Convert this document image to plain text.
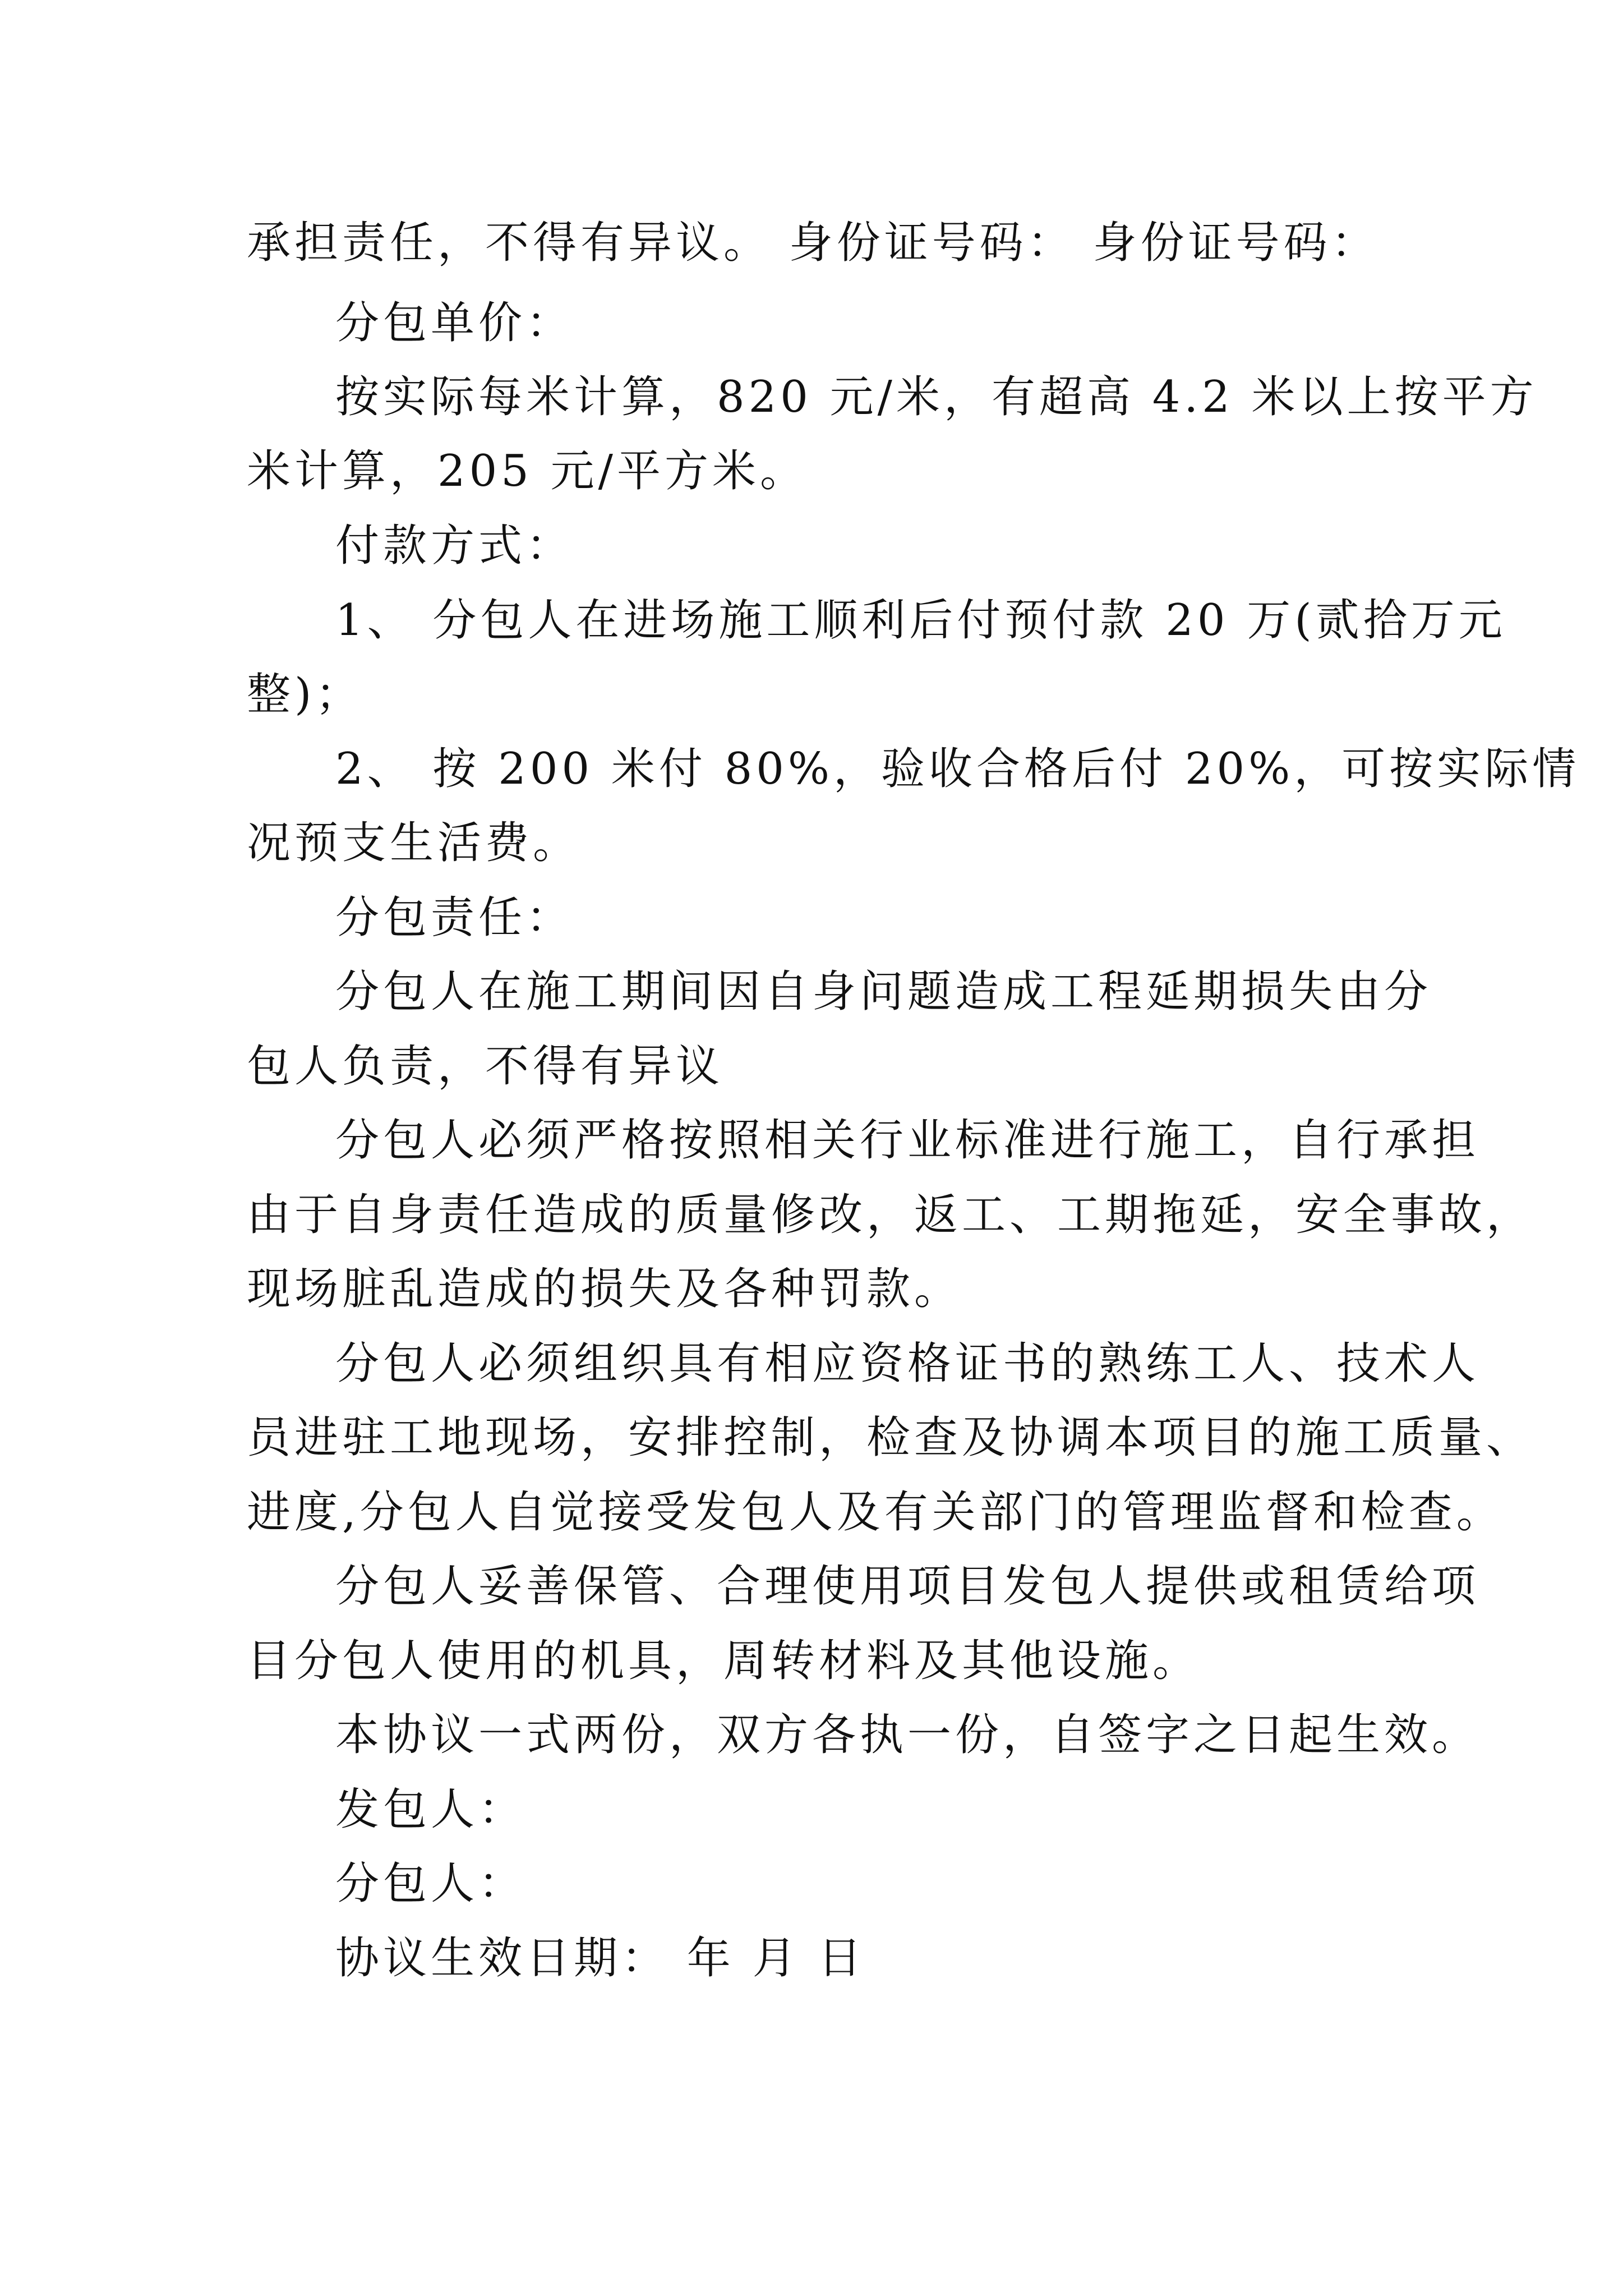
承担责任，不得有异议。 身份证号码： 身份证号码：
分包单价：
按实际每米计算，820 元/米，有超高 4.2 米以上按平方
米计算，205 元/平方米。
付款方式：
1、 分包人在进场施工顺利后付预付款 20 万(贰拾万元
整)；
2、 按 200 米付 80%，验收合格后付 20%，可按实际情
况预支生活费。
分包责任：
分包人在施工期间因自身问题造成工程延期损失由分
包人负责，不得有异议
分包人必须严格按照相关行业标准进行施工，自行承担
由于自身责任造成的质量修改，返工、工期拖延，安全事故，
现场脏乱造成的损失及各种罚款。
分包人必须组织具有相应资格证书的熟练工人、技术人
员进驻工地现场，安排控制，检查及协调本项目的施工质量、
进度,分包人自觉接受发包人及有关部门的管理监督和检查。
分包人妥善保管、合理使用项目发包人提供或租赁给项
目分包人使用的机具，周转材料及其他设施。
本协议一式两份，双方各执一份，自签字之日起生效。
发包人：
分包人：
协议生效日期： 年 月 日
